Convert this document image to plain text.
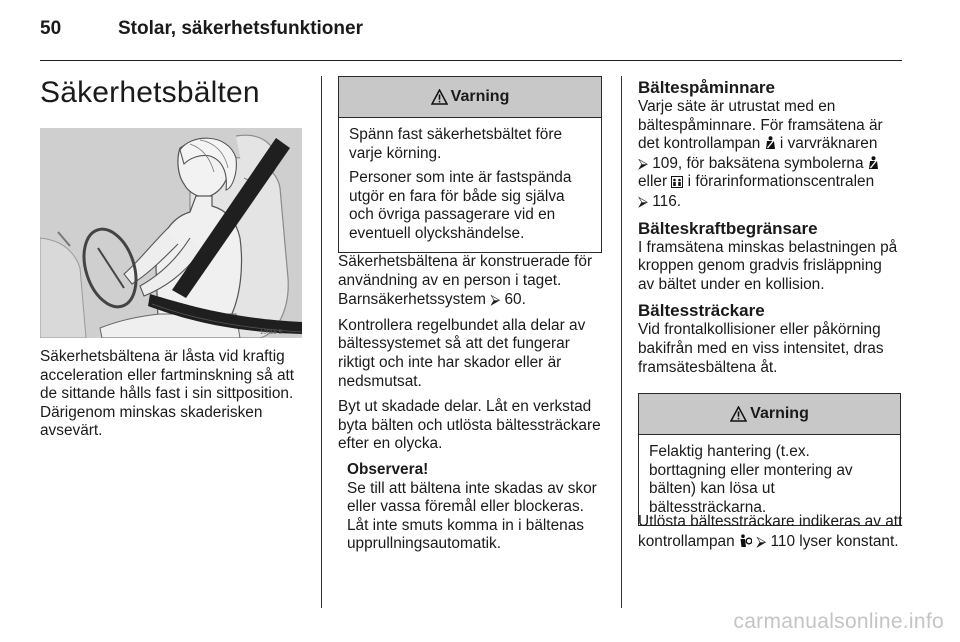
50	Stolar, säkerhetsfunktioner
Säkerhetsbälten
10015 S
Säkerhetsbältena är låsta vid kraftig acceleration eller fartminskning så att de sittande hålls fast i sin sittposition. Därigenom minskas skaderisken avsevärt.
Varning

Spänn fast säkerhetsbältet före varje körning.

Personer som inte är fastspända utgör en fara för både sig själva och övriga passagerare vid en eventuell olyckshändelse.

Säkerhetsbältena är konstruerade för användning av en person i taget. Barnsäkerhetssystem ⮚ 60.

Kontrollera regelbundet alla delar av bältessystemet så att det fungerar riktigt och inte har skador eller är nedsmutsat.

Byt ut skadade delar. Låt en verkstad byta bälten och utlösta bältessträckare efter en olycka.

Observera!
Se till att bältena inte skadas av skor eller vassa föremål eller blockeras. Låt inte smuts komma in i bältenas upprullningsautomatik.
Bältespåminnare

Varje säte är utrustat med en bältespåminnare. För framsätena är det kontrollampan i varvräknaren
⮚ 109, för baksätena symbolerna
eller i förarinformationscentralen
⮚ 116.

Bälteskraftbegränsare

I framsätena minskas belastningen på kroppen genom gradvis frisläppning av bältet under en kollision.

Bältessträckare

Vid frontalkollisioner eller påkörning bakifrån med en viss intensitet, dras framsätesbältena åt.

Varning

Felaktig hantering (t.ex. borttagning eller montering av bälten) kan lösa ut bältessträckarna.

Utlösta bältessträckare indikeras av att kontrollampan ⮚ 110 lyser konstant.

carmanualsonline.info
